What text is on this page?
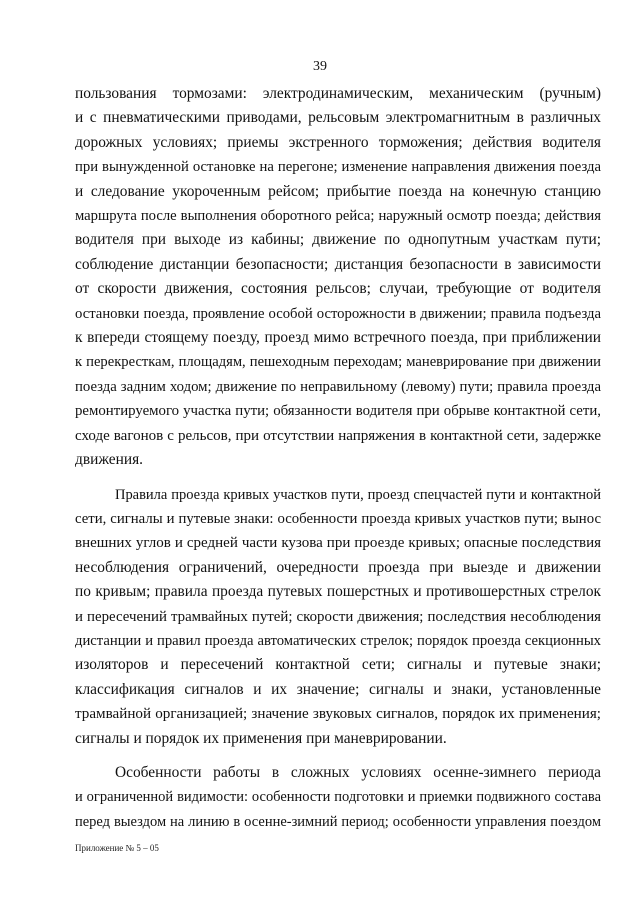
39
пользования тормозами: электродинамическим, механическим (ручным)
и с пневматическими приводами, рельсовым электромагнитным в различных
дорожных условиях; приемы экстренного торможения; действия водителя
при вынужденной остановке на перегоне; изменение направления движения поезда
и следование укороченным рейсом; прибытие поезда на конечную станцию
маршрута после выполнения оборотного рейса; наружный осмотр поезда; действия
водителя при выходе из кабины; движение по однопутным участкам пути;
соблюдение дистанции безопасности; дистанция безопасности в зависимости
от скорости движения, состояния рельсов; случаи, требующие от водителя
остановки поезда, проявление особой осторожности в движении; правила подъезда
к впереди стоящему поезду, проезд мимо встречного поезда, при приближении
к перекресткам, площадям, пешеходным переходам; маневрирование при движении
поезда задним ходом; движение по неправильному (левому) пути; правила проезда
ремонтируемого участка пути; обязанности водителя при обрыве контактной сети,
сходе вагонов с рельсов, при отсутствии напряжения в контактной сети, задержке
движения.
Правила проезда кривых участков пути, проезд спецчастей пути и контактной
сети, сигналы и путевые знаки: особенности проезда кривых участков пути; вынос
внешних углов и средней части кузова при проезде кривых; опасные последствия
несоблюдения ограничений, очередности проезда при выезде и движении
по кривым; правила проезда путевых пошерстных и противошерстных стрелок
и пересечений трамвайных путей; скорости движения; последствия несоблюдения
дистанции и правил проезда автоматических стрелок; порядок проезда секционных
изоляторов и пересечений контактной сети; сигналы и путевые знаки;
классификация сигналов и их значение; сигналы и знаки, установленные
трамвайной организацией; значение звуковых сигналов, порядок их применения;
сигналы и порядок их применения при маневрировании.
Особенности работы в сложных условиях осенне-зимнего периода
и ограниченной видимости: особенности подготовки и приемки подвижного состава
перед выездом на линию в осенне-зимний период; особенности управления поездом
Приложение № 5 – 05
